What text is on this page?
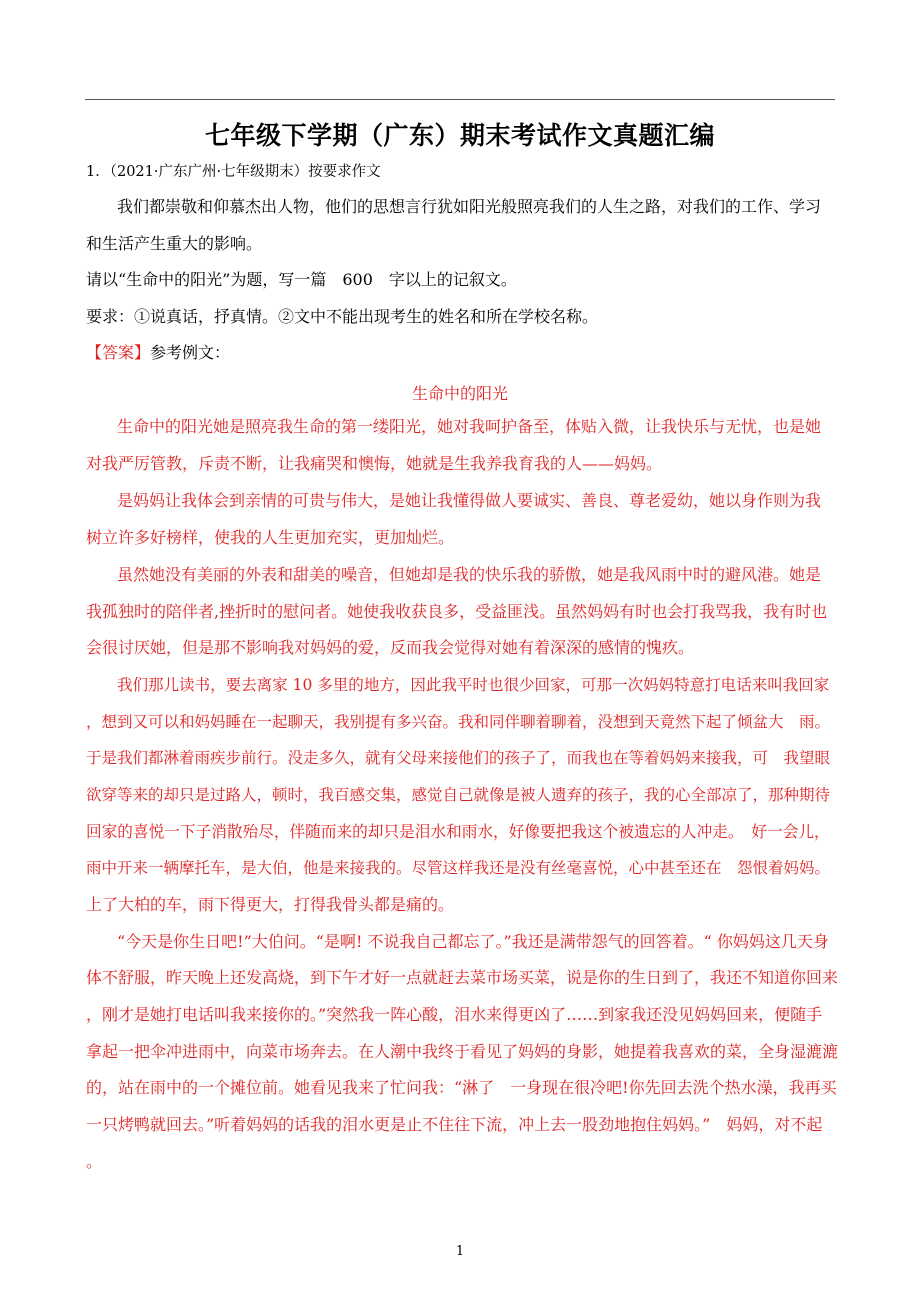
七年级下学期（广东）期末考试作文真题汇编
1．（2021·广东广州·七年级期末）按要求作文
我们都崇敬和仰慕杰出人物，他们的思想言行犹如阳光般照亮我们的人生之路，对我们的工作、学习
和生活产生重大的影响。
请以“生命中的阳光”为题，写一篇　600　字以上的记叙文。
要求：①说真话，抒真情。②文中不能出现考生的姓名和所在学校名称。
【答案】参考例文：
生命中的阳光
生命中的阳光她是照亮我生命的第一缕阳光，她对我呵护备至，体贴入微，让我快乐与无忧，也是她
对我严厉管教，斥责不断，让我痛哭和懊悔，她就是生我养我育我的人——妈妈。
是妈妈让我体会到亲情的可贵与伟大，是她让我懂得做人要诚实、善良、尊老爱幼，她以身作则为我
树立许多好榜样，使我的人生更加充实，更加灿烂。
虽然她没有美丽的外表和甜美的噪音，但她却是我的快乐我的骄傲，她是我风雨中时的避风港。她是
我孤独时的陪伴者,挫折时的慰问者。她使我收获良多，受益匪浅。虽然妈妈有时也会打我骂我，我有时也
会很讨厌她，但是那不影响我对妈妈的爱，反而我会觉得对她有着深深的感情的愧疚。
我们那儿读书，要去离家 10 多里的地方，因此我平时也很少回家，可那一次妈妈特意打电话来叫我回家
，想到又可以和妈妈睡在一起聊天，我别提有多兴奋。我和同伴聊着聊着，没想到天竟然下起了倾盆大　雨。
于是我们都淋着雨疾步前行。没走多久，就有父母来接他们的孩子了，而我也在等着妈妈来接我，可　我望眼
欲穿等来的却只是过路人，顿时，我百感交集，感觉自己就像是被人遗弃的孩子，我的心全部凉了，那种期待
回家的喜悦一下子消散殆尽，伴随而来的却只是泪水和雨水，好像要把我这个被遗忘的人冲走。　好一会儿，
雨中开来一辆摩托车，是大伯，他是来接我的。尽管这样我还是没有丝毫喜悦，心中甚至还在　怨恨着妈妈。
上了大柏的车，雨下得更大，打得我骨头都是痛的。
“今天是你生日吧!”大伯问。“是啊! 不说我自己都忘了。”我还是满带怨气的回答着。“ 你妈妈这几天身
体不舒服，昨天晚上还发高烧，到下午才好一点就赶去菜市场买菜，说是你的生日到了，我还不知道你回来
，刚才是她打电话叫我来接你的。”突然我一阵心酸，泪水来得更凶了……到家我还没见妈妈回来，便随手
拿起一把伞冲进雨中，向菜市场奔去。在人潮中我终于看见了妈妈的身影，她提着我喜欢的菜，全身湿漉漉
的，站在雨中的一个摊位前。她看见我来了忙问我：“淋了　一身现在很冷吧!你先回去洗个热水澡，我再买
一只烤鸭就回去。”听着妈妈的话我的泪水更是止不住往下流，冲上去一股劲地抱住妈妈。”　妈妈，对不起
。
1
